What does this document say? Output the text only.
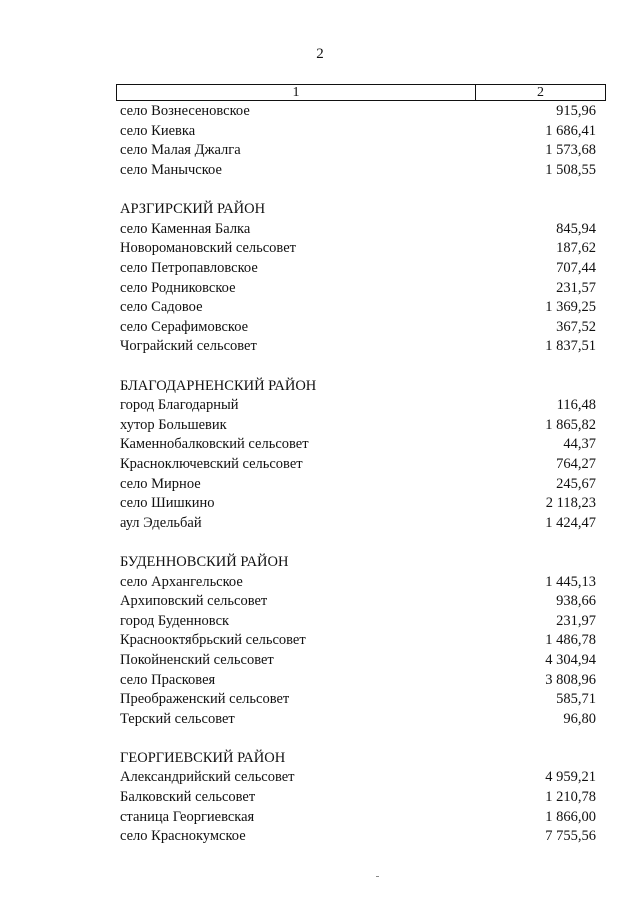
2
1	2
село Вознесеновское	915,96
село Киевка	1 686,41
село Малая Джалга	1 573,68
село Манычское	1 508,55
АРЗГИРСКИЙ РАЙОН
село Каменная Балка	845,94
Новоромановский сельсовет	187,62
село Петропавловское	707,44
село Родниковское	231,57
село Садовое	1 369,25
село Серафимовское	367,52
Чограйский сельсовет	1 837,51
БЛАГОДАРНЕНСКИЙ РАЙОН
город Благодарный	116,48
хутор Большевик	1 865,82
Каменнобалковский сельсовет	44,37
Красноключевский сельсовет	764,27
село Мирное	245,67
село Шишкино	2 118,23
аул Эдельбай	1 424,47
БУДЕННОВСКИЙ РАЙОН
село Архангельское	1 445,13
Архиповский сельсовет	938,66
город Буденновск	231,97
Краснооктябрьский сельсовет	1 486,78
Покойненский сельсовет	4 304,94
село Прасковея	3 808,96
Преображенский сельсовет	585,71
Терский сельсовет	96,80
ГЕОРГИЕВСКИЙ РАЙОН
Александрийский сельсовет	4 959,21
Балковский сельсовет	1 210,78
станица Георгиевская	1 866,00
село Краснокумское	7 755,56
